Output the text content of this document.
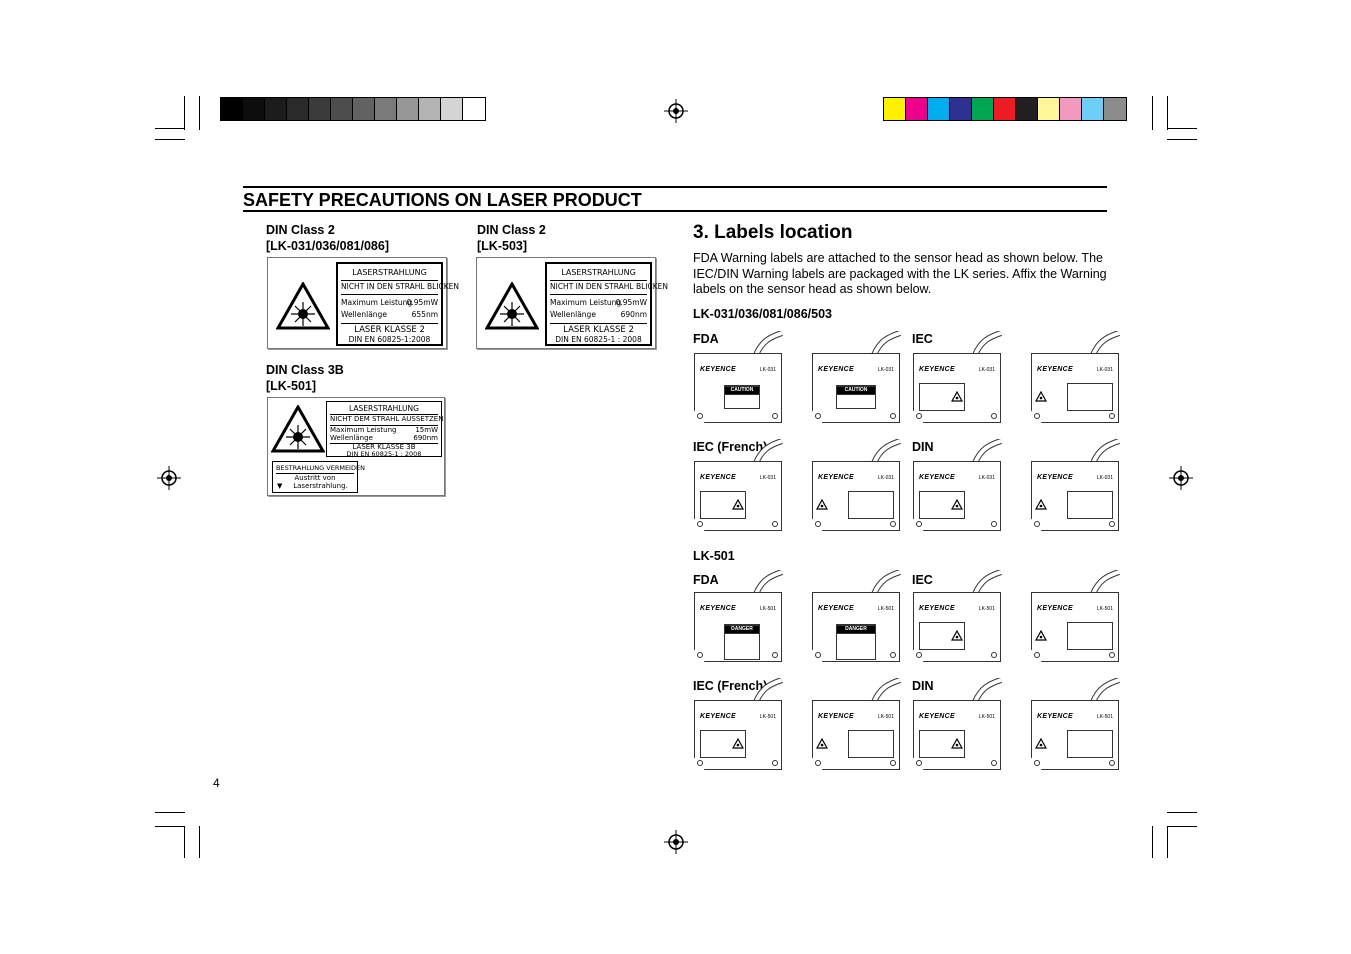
SAFETY PRECAUTIONS ON LASER PRODUCT
DIN Class 2
[LK-031/036/081/086]
LASERSTRAHLUNG
NICHT IN DEN STRAHL BLICKEN
Maximum Leistung
0.95mW
Wellenlänge	655nm
LASER KLASSE 2
DIN EN 60825-1:2008
DIN Class 2
[LK-503]
LASERSTRAHLUNG
NICHT IN DEN STRAHL BLICKEN
Maximum Leistung
0.95mW
Wellenlänge	690nm
LASER KLASSE 2
DIN EN 60825-1 : 2008
DIN Class 3B
[LK-501]
LASERSTRAHLUNG
NICHT DEM STRAHL AUSSETZEN
Maximum Leistung	15mW
Wellenlänge	690nm
LASER KLASSE 3B
DIN EN 60825-1 : 2008
BESTRAHLUNG VERMEIDEN
Austritt von
▼	Laserstrahlung.
3. Labels location
FDA Warning labels are attached to the sensor head as shown below. The IEC/DIN Warning labels are packaged with the LK series. Affix the Warning labels on the sensor head as shown below.
LK-031/036/081/086/503
FDA	IEC
IEC (French)	DIN
LK-501
FDA	IEC
IEC (French)	DIN
KEYENCE	LK-031
CAUTION
KEYENCE	LK-031
CAUTION
KEYENCE	LK-031	KEYENCE	LK-031
KEYENCE	LK-031	KEYENCE	LK-031	KEYENCE	LK-031	KEYENCE	LK-031
KEYENCE	LK-501
DANGER
KEYENCE	LK-501
DANGER
KEYENCE	LK-501	KEYENCE	LK-501
KEYENCE	LK-501	KEYENCE	LK-501	KEYENCE	LK-501	KEYENCE	LK-501
4
